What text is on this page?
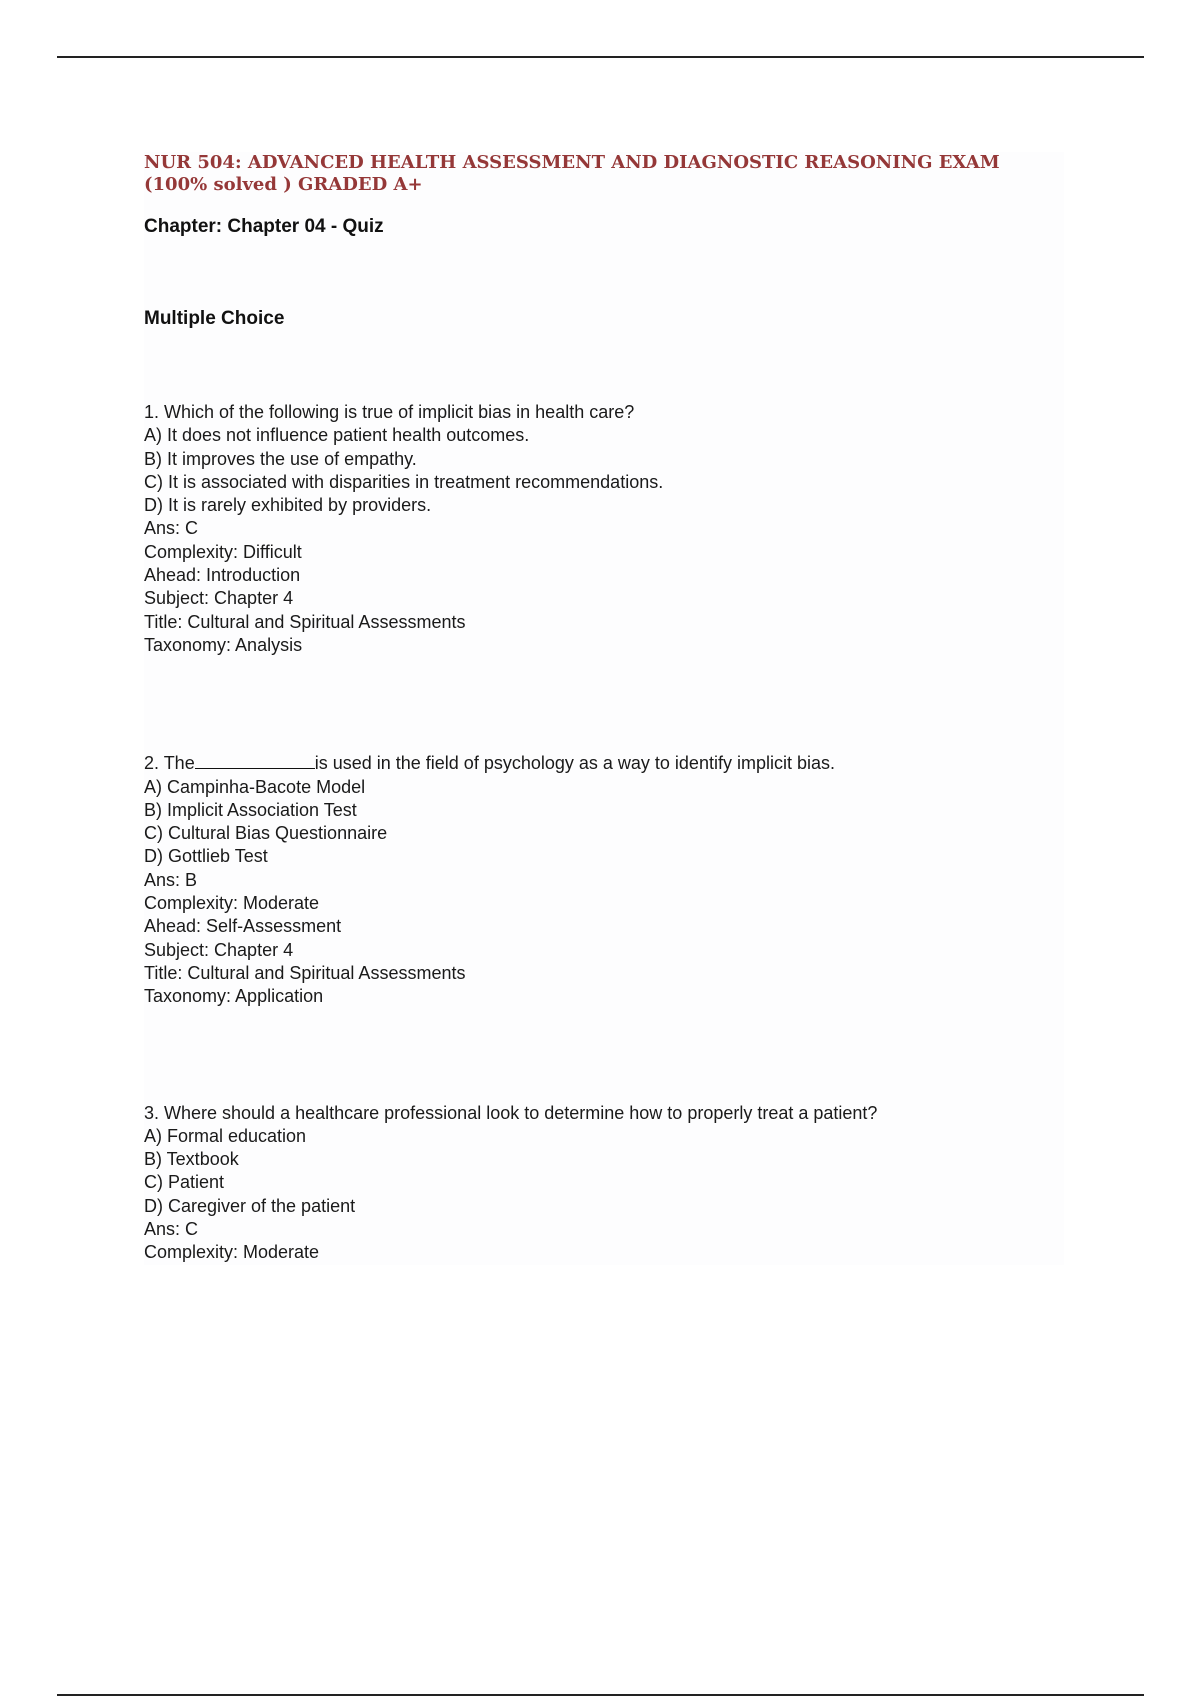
NUR 504: ADVANCED HEALTH ASSESSMENT AND DIAGNOSTIC REASONING EXAM (100% solved ) GRADED A+
Chapter: Chapter 04 - Quiz
Multiple Choice
1. Which of the following is true of implicit bias in health care?
A) It does not influence patient health outcomes.
B) It improves the use of empathy.
C) It is associated with disparities in treatment recommendations.
D) It is rarely exhibited by providers.
Ans: C
Complexity: Difficult
Ahead: Introduction
Subject: Chapter 4
Title: Cultural and Spiritual Assessments
Taxonomy: Analysis
2. The	is used in the field of psychology as a way to identify implicit bias.
A) Campinha-Bacote Model
B) Implicit Association Test
C) Cultural Bias Questionnaire
D) Gottlieb Test
Ans: B
Complexity: Moderate
Ahead: Self-Assessment
Subject: Chapter 4
Title: Cultural and Spiritual Assessments
Taxonomy: Application
3. Where should a healthcare professional look to determine how to properly treat a patient?
A) Formal education
B) Textbook
C) Patient
D) Caregiver of the patient
Ans: C
Complexity: Moderate
